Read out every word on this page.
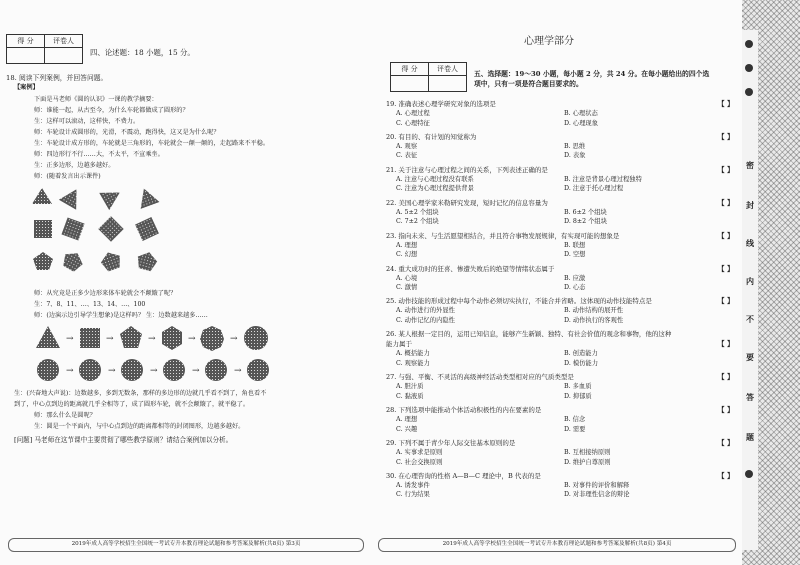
得 分	评卷人

四、论述题：18 小题，15 分。
18. 阅读下列案例，并回答问题。
【案例】
下面是马老师《圆的认识》一课的教学摘要：
师：谁能一起，从古至今，为什么车轮都做成了圆形的？
生：这样可以滚动，这样快，不费力。
师：车轮设计成圆形的，光滑，不震动，跑得快，这又是为什么呢？
生：车轮设计成方形的，车轮就是三角形的，车轮就会一颠一颠的，走起路来不平稳。
师：四边形行不行……大，不太平，不宣乘坐。
生：正多边形，边越多越好。
师：(随着发言出示课件)
师：从究竟是正多少边形来体车轮就会不颠簸了呢？
生：7、8、11、…、13、14、…、100
师：(边演示边引导学生想象)是这样吗？ 生：边数越来越多……
→	→	→	→	→
→	→	→	→	→
生：(兴奋地大声说)：边数越多，多到无数条，那样的多边形的边就几乎看不到了，角也看不
到了，中心点到边的距离就几乎全相等了，成了圆形车轮，就不会颠簸了，就平稳了。
师：那么什么是圆呢？
生：圆是一个平面内，与中心点到边的距离都相等的封闭图形，边越多越好。
[问题] 马老师在这节课中主要贯彻了哪些教学原则？请结合案例加以分析。
2019年成人高等学校招生全国统一考试专升本教育理论试题和参考答案及解析(共8页) 第3页
心理学部分
得 分	评卷人

五、选择题：19～30 小题，每小题 2 分，共 24 分。在每小题给出的四个选
项中，只有一项是符合题目要求的。
19. 准确表述心理学研究对象的选项是	【 】
A. 心理过程	B. 心理状态
C. 心理特征	D. 心理现象
20. 有目的、有计划的知觉称为	【 】
A. 观察	B. 思维
C. 表征	D. 表象
21. 关于注意与心理过程之间的关系，下列表述正确的是	【 】
A. 注意与心理过程没有联系	B. 注意是背景心理过程独特
C. 注意为心理过程提供背景	D. 注意于托心理过程
22. 美国心理学家米勒研究发现，短时记忆的信息容量为	【 】
A. 5±2 个组块	B. 6±2 个组块
C. 7±2 个组块	D. 8±2 个组块
23. 指向未来、与生活愿望相结合，并且符合事物发展规律，有实现可能的想象是	【 】
A. 理想	B. 联想
C. 幻想	D. 空想
24. 重大成功时的狂喜、惨遭失败后的绝望等情绪状态属于	【 】
A. 心境	B. 应激
C. 激情	D. 心态
25. 动作技能的形成过程中每个动作必须切实执行，不能合并省略。这体现的动作技能特点是	【 】
A. 动作进行的外显性	B. 动作结构的展开性
C. 动作记忆的内隐性	D. 动作执行的客观性
26. 某人根据一定目的，运用已知信息，能够产生新颖、独特、有社会价值的观念和事物，他的这种
【 】
能力属于
A. 概括能力	B. 创造能力
C. 观察能力	D. 模仿能力
27. 与强、平衡、不灵活的高级神经活动类型相对应的气质类型是	【 】
A. 胆汁质	B. 多血质
C. 黏液质	D. 抑郁质
28. 下列选项中能推动个体活动积极性的内在要素的是	【 】
A. 理想	B. 信念
C. 兴趣	D. 需要
29. 下列不属于青少年人际交往基本原则的是	【 】
A. 实事求是原则	B. 互相接纳原则
C. 社会交换原则	D. 维护自尊原则
30. 在心理咨询的性格 A—B—C 理论中，B 代表的是	【 】
A. 诱发事件	B. 对事件的评价和解释
C. 行为结果	D. 对非理性信念的辩论
2019年成人高等学校招生全国统一考试专升本教育理论试题和参考答案及解析(共8页) 第4页
密
封
线
内
不
要
答
题
